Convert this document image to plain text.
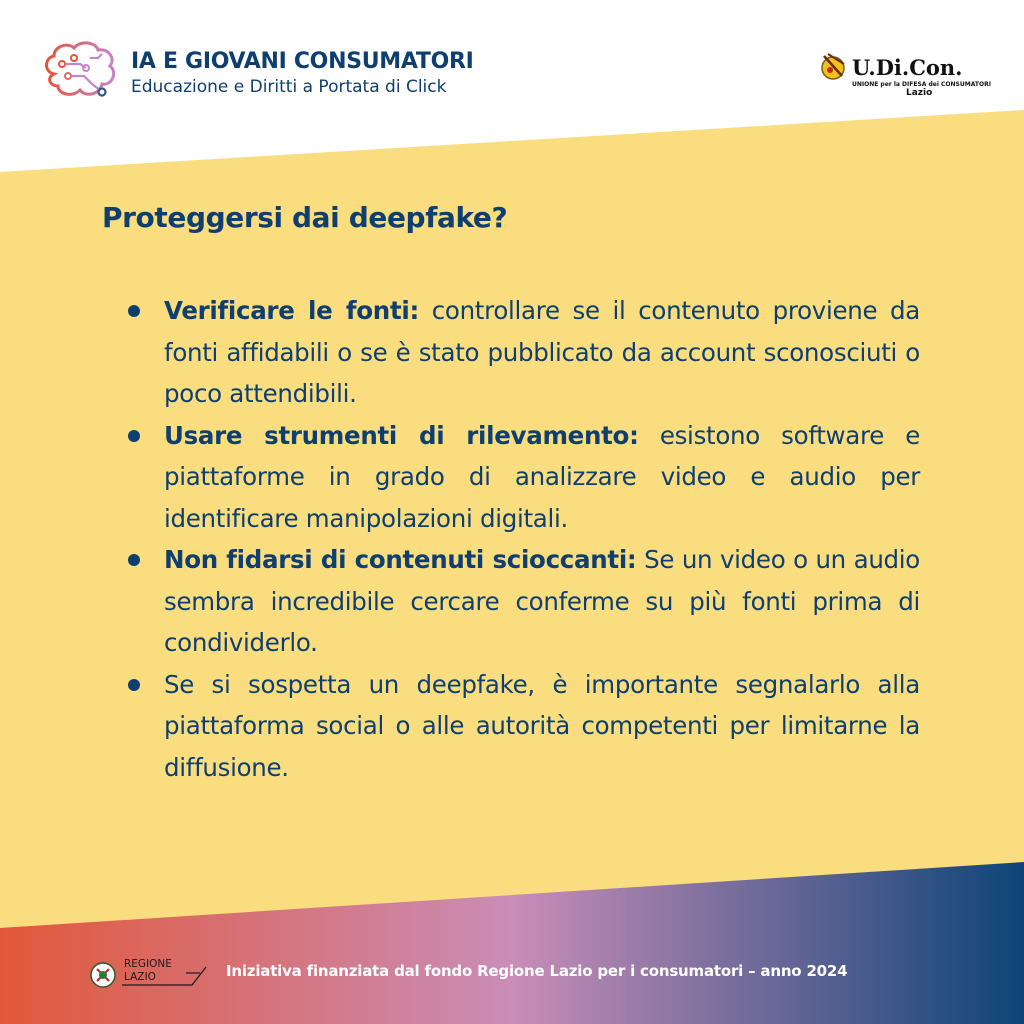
IA E GIOVANI CONSUMATORI
Educazione e Diritti a Portata di Click
U.Di.Con.
UNIONE per la DIFESA dei CONSUMATORI
Lazio
Proteggersi dai deepfake?
Verificare le fonti: controllare se il contenuto proviene da fonti affidabili o se è stato pubblicato da account sconosciuti o poco attendibili.
Usare strumenti di rilevamento: esistono software e piattaforme in grado di analizzare video e audio per identificare manipolazioni digitali.
Non fidarsi di contenuti scioccanti: Se un video o un audio sembra incredibile cercare conferme su più fonti prima di condividerlo.
Se si sospetta un deepfake, è importante segnalarlo alla piattaforma social o alle autorità competenti per limitarne la diffusione.
REGIONE
LAZIO	Iniziativa finanziata dal fondo Regione Lazio per i consumatori – anno 2024
